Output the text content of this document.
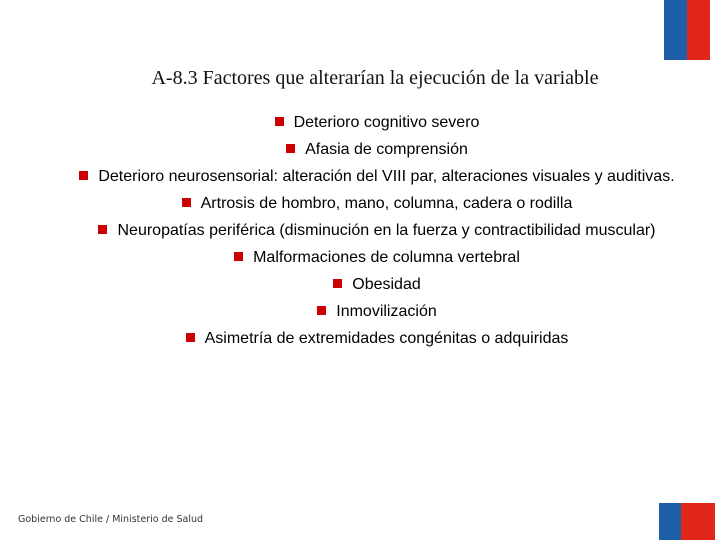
A-8.3 Factores que alterarían la ejecución de la variable
Deterioro cognitivo severo
Afasia de comprensión
Deterioro neurosensorial: alteración del VIII par, alteraciones visuales y auditivas.
Artrosis de hombro, mano, columna, cadera o rodilla
Neuropatías periférica (disminución en la fuerza y contractibilidad muscular)
Malformaciones de columna vertebral
Obesidad
Inmovilización
Asimetría de extremidades congénitas o adquiridas
Gobierno de Chile / Ministerio de Salud
